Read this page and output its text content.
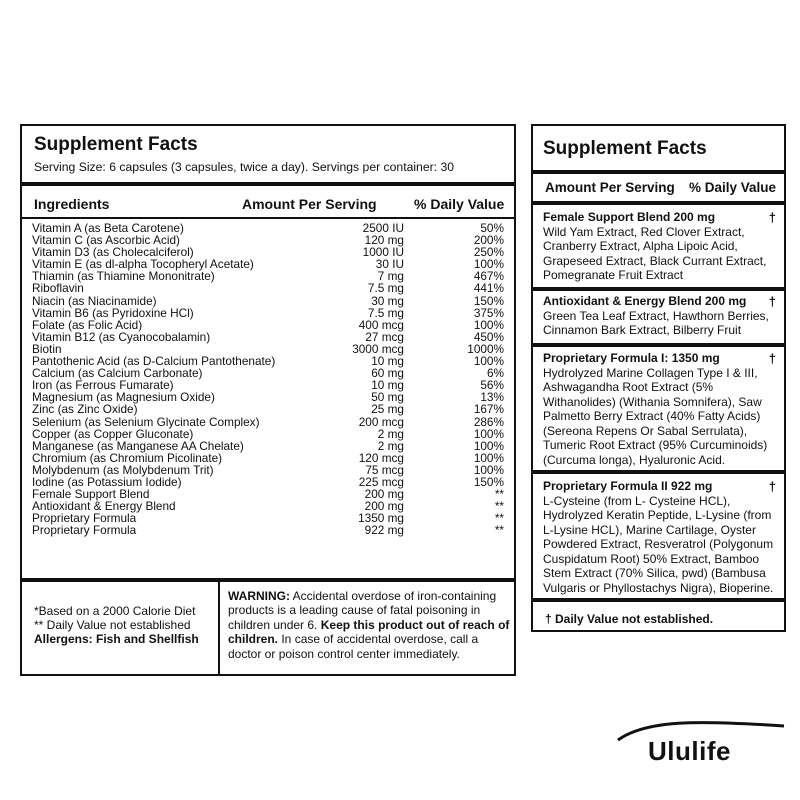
Supplement Facts
Serving Size: 6 capsules (3 capsules, twice a day). Servings per container: 30
Ingredients	Amount Per Serving	% Daily Value
Vitamin A (as Beta Carotene)	2500 IU	50%
Vitamin C (as Ascorbic Acid)	120 mg	200%
Vitamin D3 (as Cholecalciferol)	1000 IU	250%
Vitamin E (as dl-alpha Tocopheryl Acetate)	30 IU	100%
Thiamin (as Thiamine Mononitrate)	7 mg	467%
Riboflavin	7.5 mg	441%
Niacin (as Niacinamide)	30 mg	150%
Vitamin B6 (as Pyridoxine HCl)	7.5 mg	375%
Folate (as Folic Acid)	400 mcg	100%
Vitamin B12 (as Cyanocobalamin)	27 mcg	450%
Biotin	3000 mcg	1000%
Pantothenic Acid (as D-Calcium Pantothenate)	10 mg	100%
Calcium (as Calcium Carbonate)	60 mg	6%
Iron (as Ferrous Fumarate)	10 mg	56%
Magnesium (as Magnesium Oxide)	50 mg	13%
Zinc (as Zinc Oxide)	25 mg	167%
Selenium (as Selenium Glycinate Complex)	200 mcg	286%
Copper (as Copper Gluconate)	2 mg	100%
Manganese (as Manganese AA Chelate)	2 mg	100%
Chromium (as Chromium Picolinate)	120 mcg	100%
Molybdenum (as Molybdenum Trit)	75 mcg	100%
Iodine (as Potassium Iodide)	225 mcg	150%
Female Support Blend	200 mg	**
Antioxidant & Energy Blend	200 mg	**
Proprietary Formula	1350 mg	**
Proprietary Formula	922 mg	**
*Based on a 2000 Calorie Diet
** Daily Value not established
Allergens: Fish and Shellfish
WARNING: Accidental overdose of iron-containing products is a leading cause of fatal poisoning in children under 6. Keep this product out of reach of children. In case of accidental overdose, call a doctor or poison control center immediately.
Supplement Facts
Amount Per Serving % Daily Value
Female Support Blend 200 mg
Wild Yam Extract, Red Clover Extract, Cranberry Extract, Alpha Lipoic Acid, Grapeseed Extract, Black Currant Extract, Pomegranate Fruit Extract
†
Antioxidant & Energy Blend 200 mg
Green Tea Leaf Extract, Hawthorn Berries, Cinnamon Bark Extract, Bilberry Fruit
†
Proprietary Formula I: 1350 mg
Hydrolyzed Marine Collagen Type I & III, Ashwagandha Root Extract (5% Withanolides) (Withania Somnifera), Saw Palmetto Berry Extract (40% Fatty Acids) (Sereona Repens Or Sabal Serrulata), Tumeric Root Extract (95% Curcuminoids) (Curcuma longa), Hyaluronic Acid.
†
Proprietary Formula II 922 mg
L-Cysteine (from L- Cysteine HCL), Hydrolyzed Keratin Peptide, L-Lysine (from L-Lysine HCL), Marine Cartilage, Oyster Powdered Extract, Resveratrol (Polygonum Cuspidatum Root) 50% Extract, Bamboo Stem Extract (70% Silica, pwd) (Bambusa Vulgaris or Phyllostachys Nigra), Bioperine.
†
† Daily Value not established.
Ululife
